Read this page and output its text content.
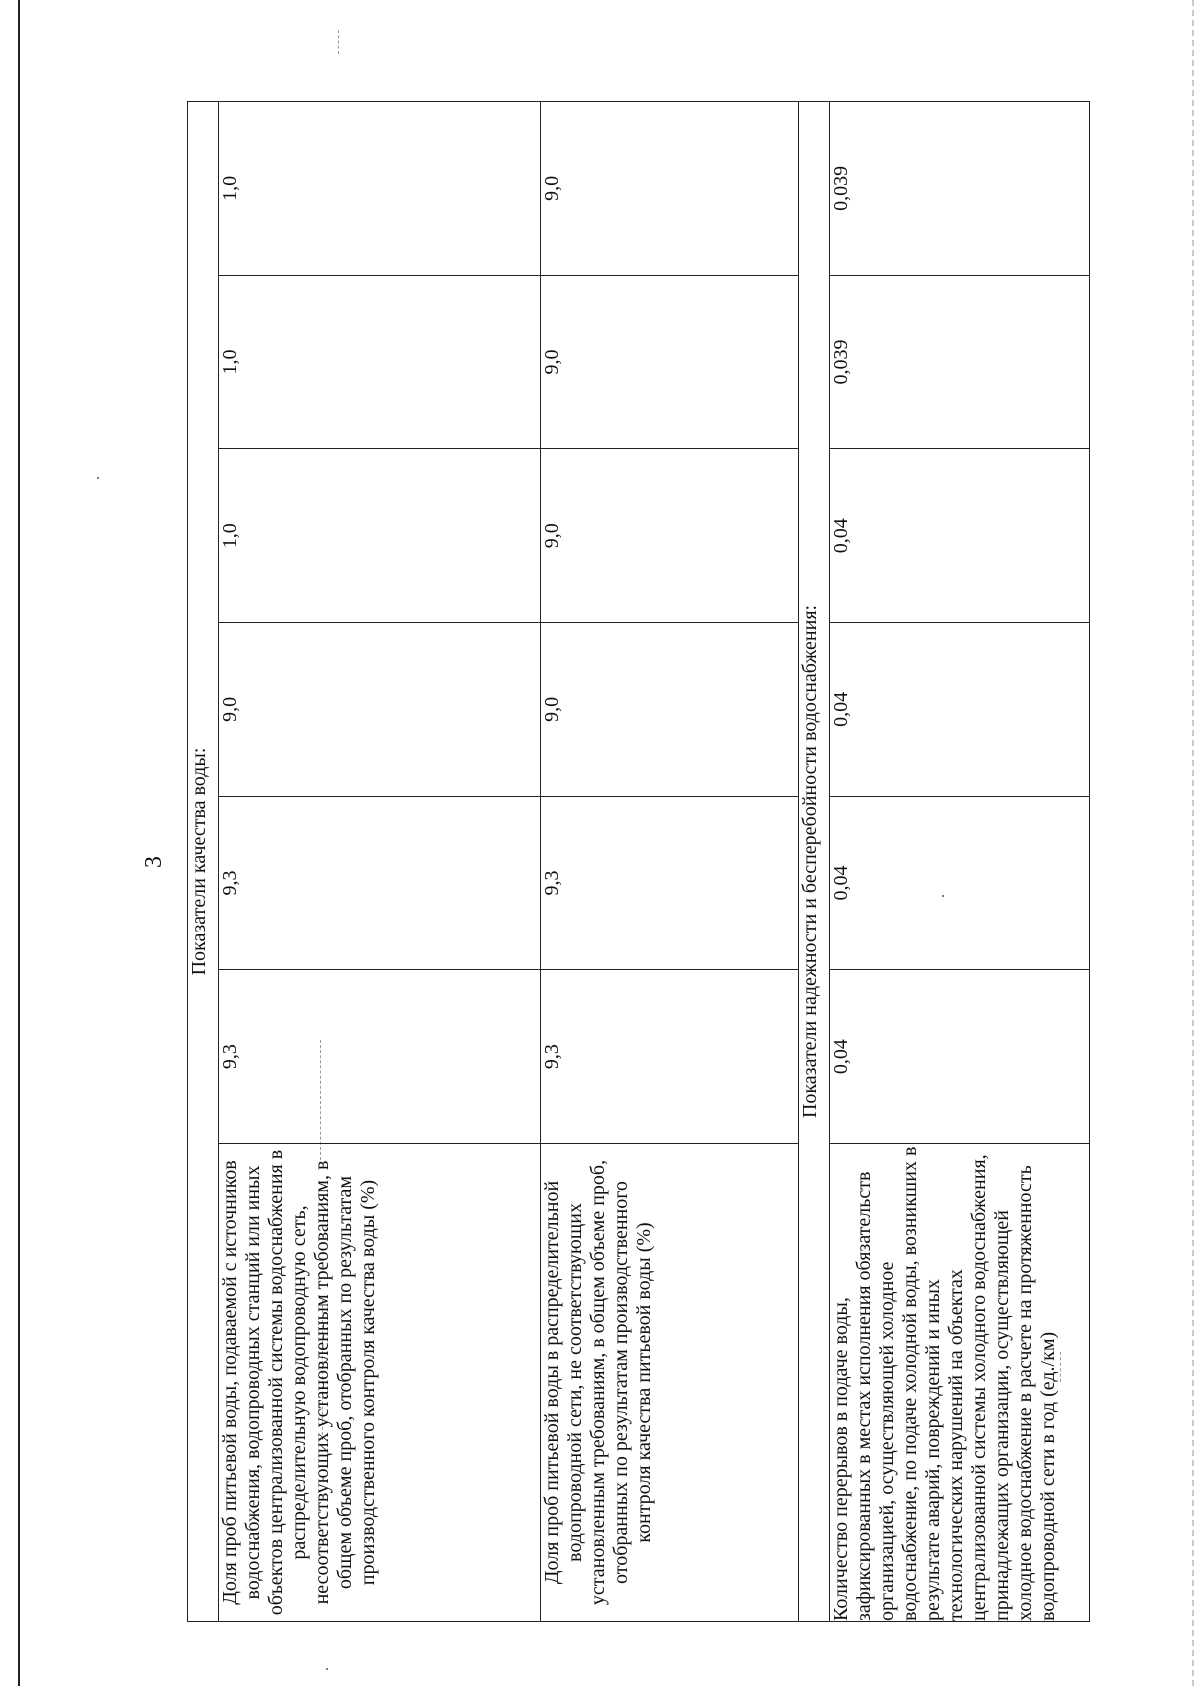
3	Показатели качества воды:						
Доля проб питьевой воды, подаваемой с источников водоснабжения, водопроводных станций или иных объектов централизованной системы водоснабжения в распределительную водопроводную сеть, несоответствующих установленным требованиям, в общем объеме проб, отобранных по результатам производственного контроля качества воды (%)	9,3	9,3	9,0	1,0	1,0	1,0
Доля проб питьевой воды в распределительной водопроводной сети, не соответствующих установленным требованиям, в общем объеме проб, отобранных по результатам производственного контроля качества питьевой воды (%)	9,3	9,3	9,0	9,0	9,0	9,0
Показатели надежности и бесперебойности водоснабжения:						
Количество перерывов в подаче воды, зафиксированных в местах исполнения обязательств организацией, осуществляющей холодное водоснабжение, по подаче холодной воды, возникших в результате аварий, повреждений и иных технологических нарушений на объектах централизованной системы холодного водоснабжения, принадлежащих организации, осуществляющей холодное водоснабжение в расчете на протяженность водопроводной сети в год (ед./км)	0,04	0,04	0,04	0,04	0,039	0,039
